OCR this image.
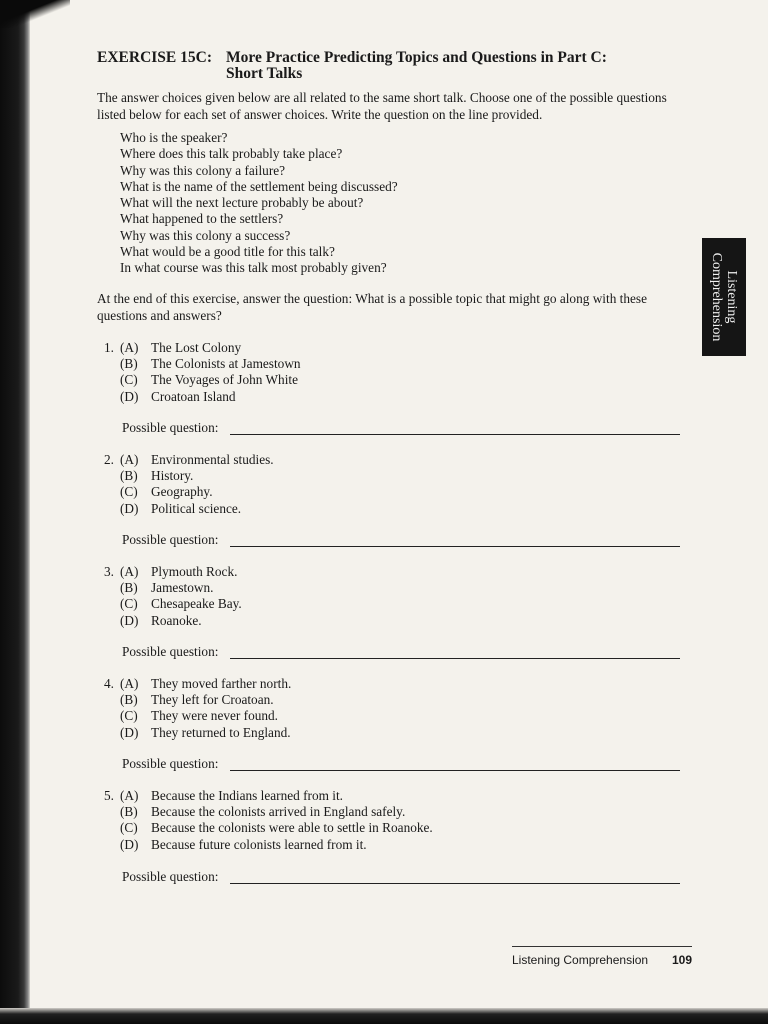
EXERCISE 15C: More Practice Predicting Topics and Questions in Part C: Short Talks
The answer choices given below are all related to the same short talk. Choose one of the possible questions listed below for each set of answer choices. Write the question on the line provided.
Who is the speaker?
Where does this talk probably take place?
Why was this colony a failure?
What is the name of the settlement being discussed?
What will the next lecture probably be about?
What happened to the settlers?
Why was this colony a success?
What would be a good title for this talk?
In what course was this talk most probably given?
At the end of this exercise, answer the question: What is a possible topic that might go along with these questions and answers?	Listening Comprehension
1. (A) The Lost Colony
(B) The Colonists at Jamestown
(C) The Voyages of John White
(D) Croatoan Island
Possible question:
2. (A) Environmental studies.
(B) History.
(C) Geography.
(D) Political science.
Possible question:
3. (A) Plymouth Rock.
(B) Jamestown.
(C) Chesapeake Bay.
(D) Roanoke.
Possible question:
4. (A) They moved farther north.
(B) They left for Croatoan.
(C) They were never found.
(D) They returned to England.
Possible question:
5. (A) Because the Indians learned from it.
(B) Because the colonists arrived in England safely.
(C) Because the colonists were able to settle in Roanoke.
(D) Because future colonists learned from it.
Possible question:
Listening Comprehension 109
